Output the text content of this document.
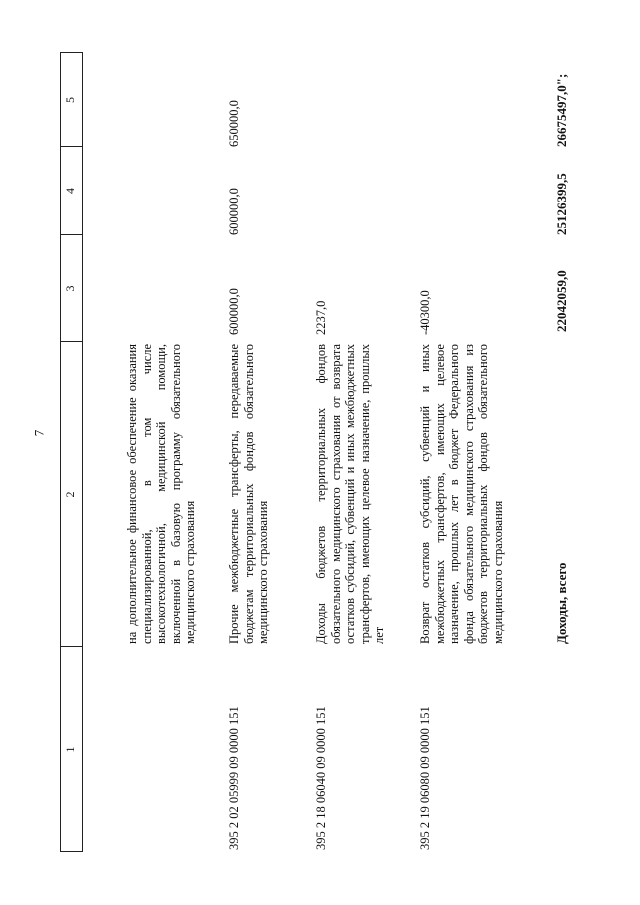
7
1
2
3
4
5
на дополнительное финансовое обеспечение оказания специализированной, в том числе высокотехнологичной, медицинской помощи, включенной в базовую программу обязательного медицинского страхования
395 2 02 05999 09 0000 151
Прочие межбюджетные трансферты, передаваемые бюджетам территориальных фондов обязательного медицинского страхования
600000,0
600000,0
650000,0
395 2 18 06040 09 0000 151
Доходы бюджетов территориальных фондов обязательного медицинского страхования от возврата остатков субсидий, субвенций и иных межбюджетных трансфертов, имеющих целевое назначение, прошлых лет
2237,0
395 2 19 06080 09 0000 151
Возврат остатков субсидий, субвенций и иных межбюджетных трансфертов, имеющих целевое назначение, прошлых лет в бюджет Федерального фонда обязательного медицинского страхования из бюджетов территориальных фондов обязательного медицинского страхования
-40300,0
Доходы, всего
22042059,0
25126399,5
26675497,0";
